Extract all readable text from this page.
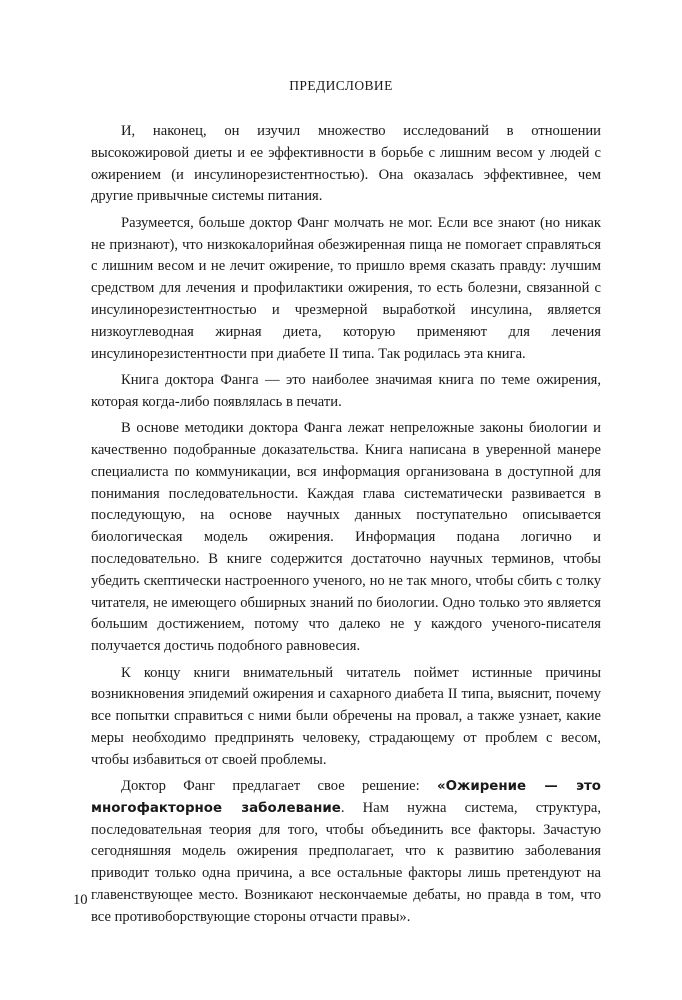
ПРЕДИСЛОВИЕ

И, наконец, он изучил множество исследований в отношении высокожировой диеты и ее эффективности в борьбе с лишним весом у людей с ожирением (и инсулинорезистентностью). Она оказалась эффективнее, чем другие привычные системы питания.

Разумеется, больше доктор Фанг молчать не мог. Если все знают (но никак не признают), что низкокалорийная обезжиренная пища не помогает справляться с лишним весом и не лечит ожирение, то пришло время сказать правду: лучшим средством для лечения и профилактики ожирения, то есть болезни, связанной с инсулинорезистентностью и чрезмерной выработкой инсулина, является низкоуглеводная жирная диета, которую применяют для лечения инсулинорезистентности при диабете II типа. Так родилась эта книга.

Книга доктора Фанга — это наиболее значимая книга по теме ожирения, которая когда-либо появлялась в печати.

В основе методики доктора Фанга лежат непреложные законы биологии и качественно подобранные доказательства. Книга написана в уверенной манере специалиста по коммуникации, вся информация организована в доступной для понимания последовательности. Каждая глава систематически развивается в последующую, на основе научных данных поступательно описывается биологическая модель ожирения. Информация подана логично и последовательно. В книге содержится достаточно научных терминов, чтобы убедить скептически настроенного ученого, но не так много, чтобы сбить с толку читателя, не имеющего обширных знаний по биологии. Одно только это является большим достижением, потому что далеко не у каждого ученого-писателя получается достичь подобного равновесия.

К концу книги внимательный читатель поймет истинные причины возникновения эпидемий ожирения и сахарного диабета II типа, выяснит, почему все попытки справиться с ними были обречены на провал, а также узнает, какие меры необходимо предпринять человеку, страдающему от проблем с весом, чтобы избавиться от своей проблемы.

Доктор Фанг предлагает свое решение: «Ожирение — это многофакторное заболевание. Нам нужна система, структура, последовательная теория для того, чтобы объединить все факторы. Зачастую сегодняшняя модель ожирения предполагает, что к развитию заболевания приводит только одна причина, а все остальные факторы лишь претендуют на главенствующее место. Возникают нескончаемые дебаты, но правда в том, что все противоборствующие стороны отчасти правы».

10
